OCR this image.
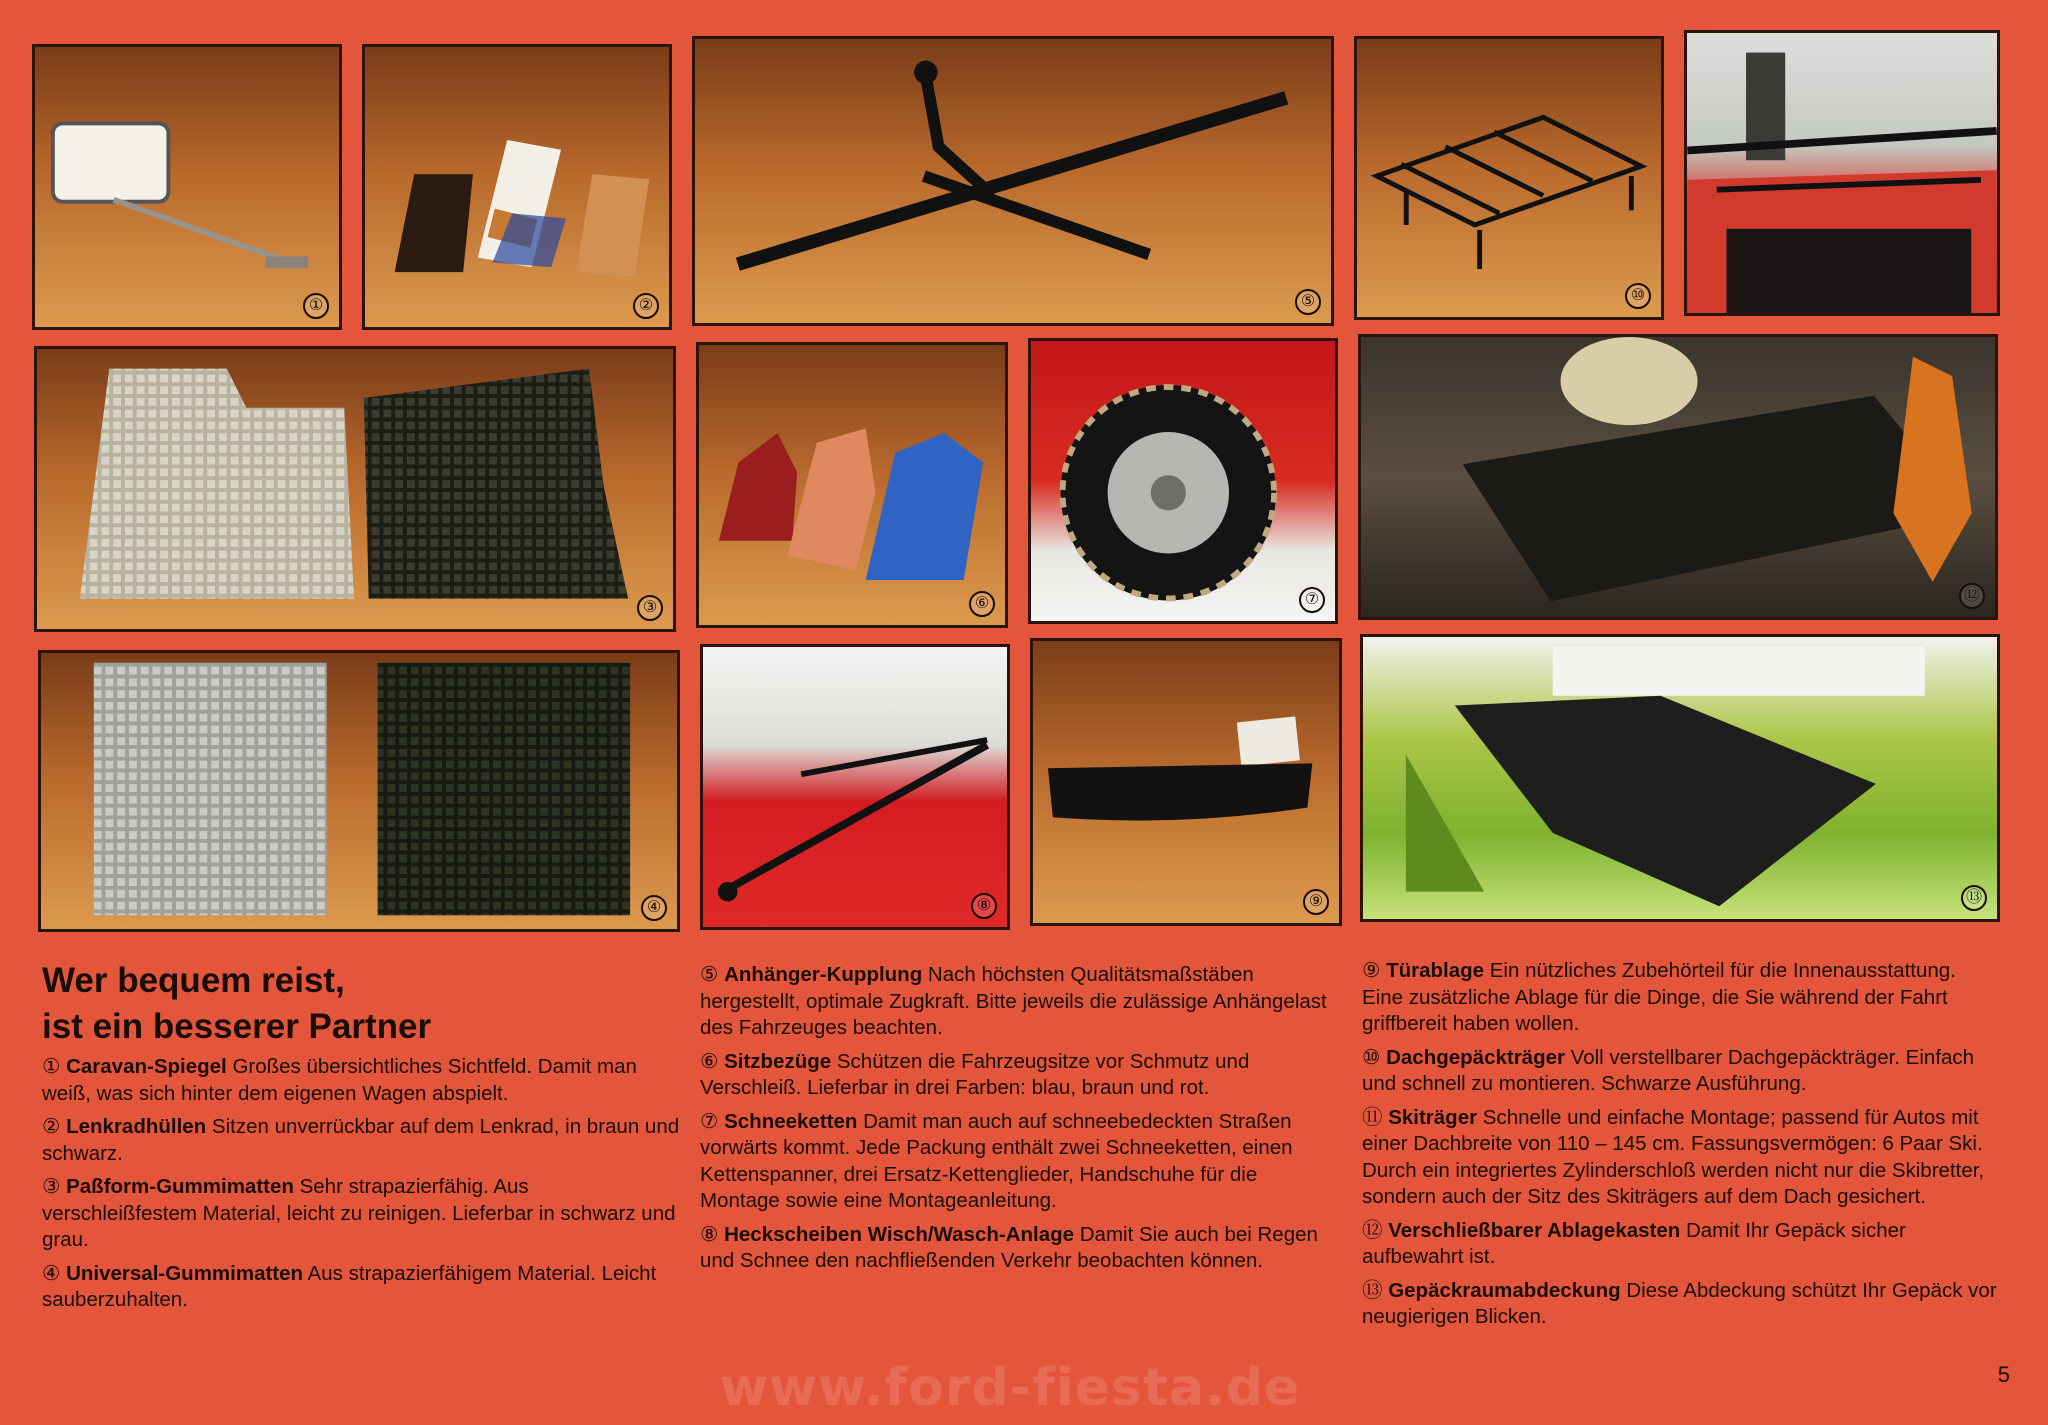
①	②	⑤	⑩
③	⑥	⑦	⑫
④	⑧	⑨	⑬
Wer bequem reist,
ist ein besserer Partner

① Caravan-Spiegel Großes übersichtliches Sichtfeld. Damit man weiß, was sich hinter dem eigenen Wagen abspielt.

② Lenkradhüllen Sitzen unverrückbar auf dem Lenkrad, in braun und schwarz.

③ Paßform-Gummimatten Sehr strapazierfähig. Aus verschleißfestem Material, leicht zu reinigen. Lieferbar in schwarz und grau.

④ Universal-Gummimatten Aus strapazierfähigem Material. Leicht sauberzuhalten.

⑤ Anhänger-Kupplung Nach höchsten Qualitätsmaßstäben hergestellt, optimale Zugkraft. Bitte jeweils die zulässige Anhängelast des Fahrzeuges beachten.

⑥ Sitzbezüge Schützen die Fahrzeugsitze vor Schmutz und Verschleiß. Lieferbar in drei Farben: blau, braun und rot.

⑦ Schneeketten Damit man auch auf schneebedeckten Straßen vorwärts kommt. Jede Packung enthält zwei Schneeketten, einen Kettenspanner, drei Ersatz-Kettenglieder, Handschuhe für die Montage sowie eine Montageanleitung.

⑧ Heckscheiben Wisch/Wasch-Anlage Damit Sie auch bei Regen und Schnee den nachfließenden Verkehr beobachten können.

⑨ Türablage Ein nützliches Zubehörteil für die Innenausstattung. Eine zusätzliche Ablage für die Dinge, die Sie während der Fahrt griffbereit haben wollen.

⑩ Dachgepäckträger Voll verstellbarer Dachgepäckträger. Einfach und schnell zu montieren. Schwarze Ausführung.

⑪ Skiträger Schnelle und einfache Montage; passend für Autos mit einer Dachbreite von 110 – 145 cm. Fassungsvermögen: 6 Paar Ski. Durch ein integriertes Zylinderschloß werden nicht nur die Skibretter, sondern auch der Sitz des Skiträgers auf dem Dach gesichert.

⑫ Verschließbarer Ablagekasten Damit Ihr Gepäck sicher aufbewahrt ist.

⑬ Gepäckraumabdeckung Diese Abdeckung schützt Ihr Gepäck vor neugierigen Blicken.

www.ford-fiesta.de	5
